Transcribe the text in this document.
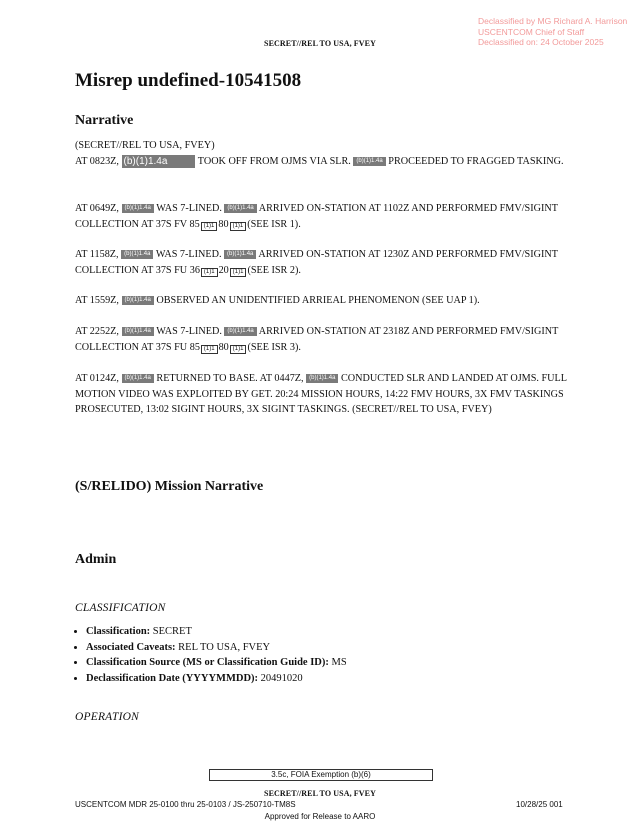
Declassified by MG Richard A. Harrison
USCENTCOM Chief of Staff
Declassified on: 24 October 2025
SECRET//REL TO USA, FVEY
Misrep undefined-10541508
Narrative
(SECRET//REL TO USA, FVEY)
AT 0823Z, (b)(1)1.4a	TOOK OFF FROM OJMS VIA SLR. (b)(1)1.4a PROCEEDED TO FRAGGED TASKING.
AT 0649Z, (b)(1)1.4a WAS 7-LINED. (b)(1)1.4a ARRIVED ON-STATION AT 1102Z AND PERFORMED FMV/SIGINT COLLECTION AT 37S FV 85 (1)1 80 (1)1 (SEE ISR 1).
AT 1158Z, (b)(1)1.4a WAS 7-LINED. (b)(1)1.4a ARRIVED ON-STATION AT 1230Z AND PERFORMED FMV/SIGINT COLLECTION AT 37S FU 36 (1)1 20 (1)1 (SEE ISR 2).
AT 1559Z, (b)(1)1.4a OBSERVED AN UNIDENTIFIED ARRIEAL PHENOMENON (SEE UAP 1).
AT 2252Z, (b)(1)1.4a WAS 7-LINED. (b)(1)1.4a ARRIVED ON-STATION AT 2318Z AND PERFORMED FMV/SIGINT COLLECTION AT 37S FU 85 (1)1 80 (1)1 (SEE ISR 3).
AT 0124Z, (b)(1)1.4a RETURNED TO BASE. AT 0447Z, (b)(1)1.4a CONDUCTED SLR AND LANDED AT OJMS. FULL MOTION VIDEO WAS EXPLOITED BY GET. 20:24 MISSION HOURS, 14:22 FMV HOURS, 3X FMV TASKINGS PROSECUTED, 13:02 SIGINT HOURS, 3X SIGINT TASKINGS. (SECRET//REL TO USA, FVEY)
(S/RELIDO) Mission Narrative
Admin
CLASSIFICATION
• Classification: SECRET
• Associated Caveats: REL TO USA, FVEY
• Classification Source (MS or Classification Guide ID): MS
• Declassification Date (YYYYMMDD): 20491020
OPERATION
3.5c, FOIA Exemption (b)(6)
SECRET//REL TO USA, FVEY
USCENTCOM MDR 25-0100 thru 25-0103 / JS-250710-TM8S	10/28/25 001
Approved for Release to AARO
